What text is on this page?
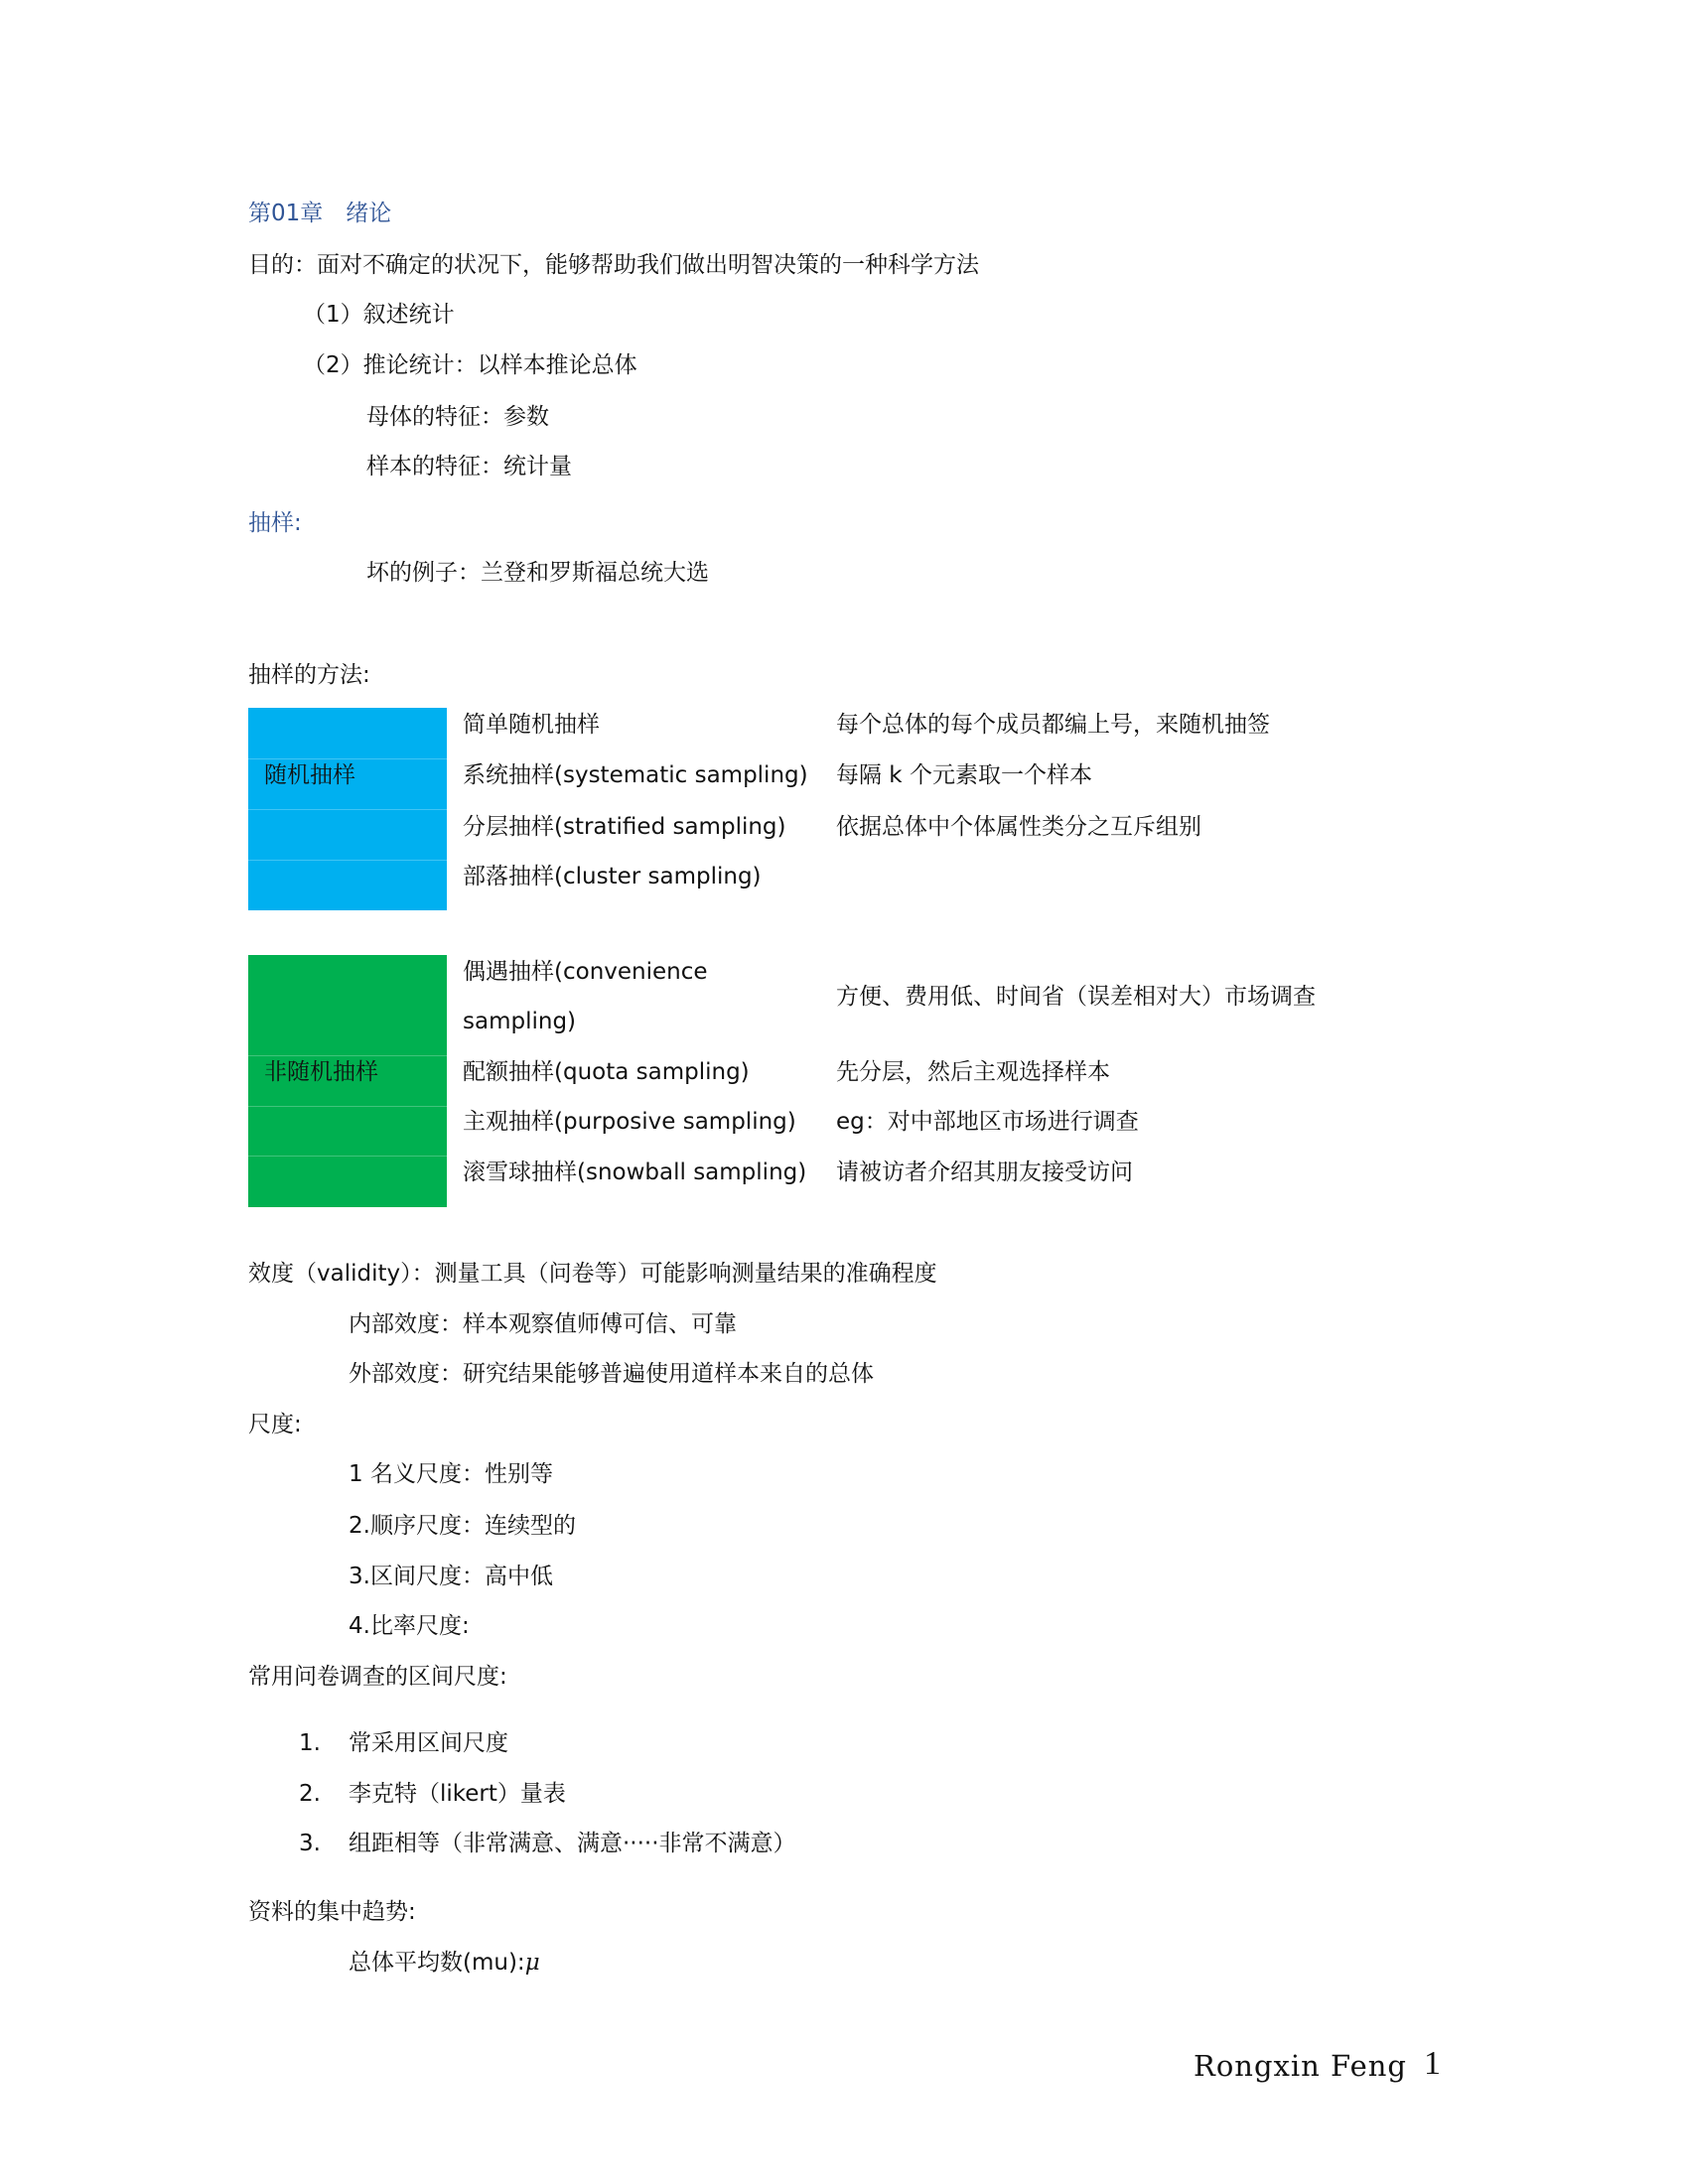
第01章　绪论
目的：面对不确定的状况下，能够帮助我们做出明智决策的一种科学方法
（1）叙述统计
（2）推论统计：以样本推论总体
母体的特征：参数
样本的特征：统计量
抽样:
坏的例子：兰登和罗斯福总统大选
抽样的方法:
随机抽样
简单随机抽样	每个总体的每个成员都编上号，来随机抽签
系统抽样(systematic sampling) 每隔 k 个元素取一个样本
分层抽样(stratified sampling) 依据总体中个体属性类分之互斥组别
部落抽样(cluster sampling)
非随机抽样
偶遇抽样(convenience
sampling)
方便、费用低、时间省（误差相对大）市场调查
配额抽样(quota sampling)	先分层，然后主观选择样本
主观抽样(purposive sampling) eg：对中部地区市场进行调查
滚雪球抽样(snowball sampling) 请被访者介绍其朋友接受访问
效度（validity）：测量工具（问卷等）可能影响测量结果的准确程度
内部效度：样本观察值师傅可信、可靠
外部效度：研究结果能够普遍使用道样本来自的总体
尺度:
1 名义尺度：性别等
2.顺序尺度：连续型的
3.区间尺度：高中低
4.比率尺度:
常用问卷调查的区间尺度:
1. 常采用区间尺度
2. 李克特（likert）量表
3. 组距相等（非常满意、满意·····非常不满意）
资料的集中趋势:
总体平均数(mu):μ
Rongxin Feng 1
